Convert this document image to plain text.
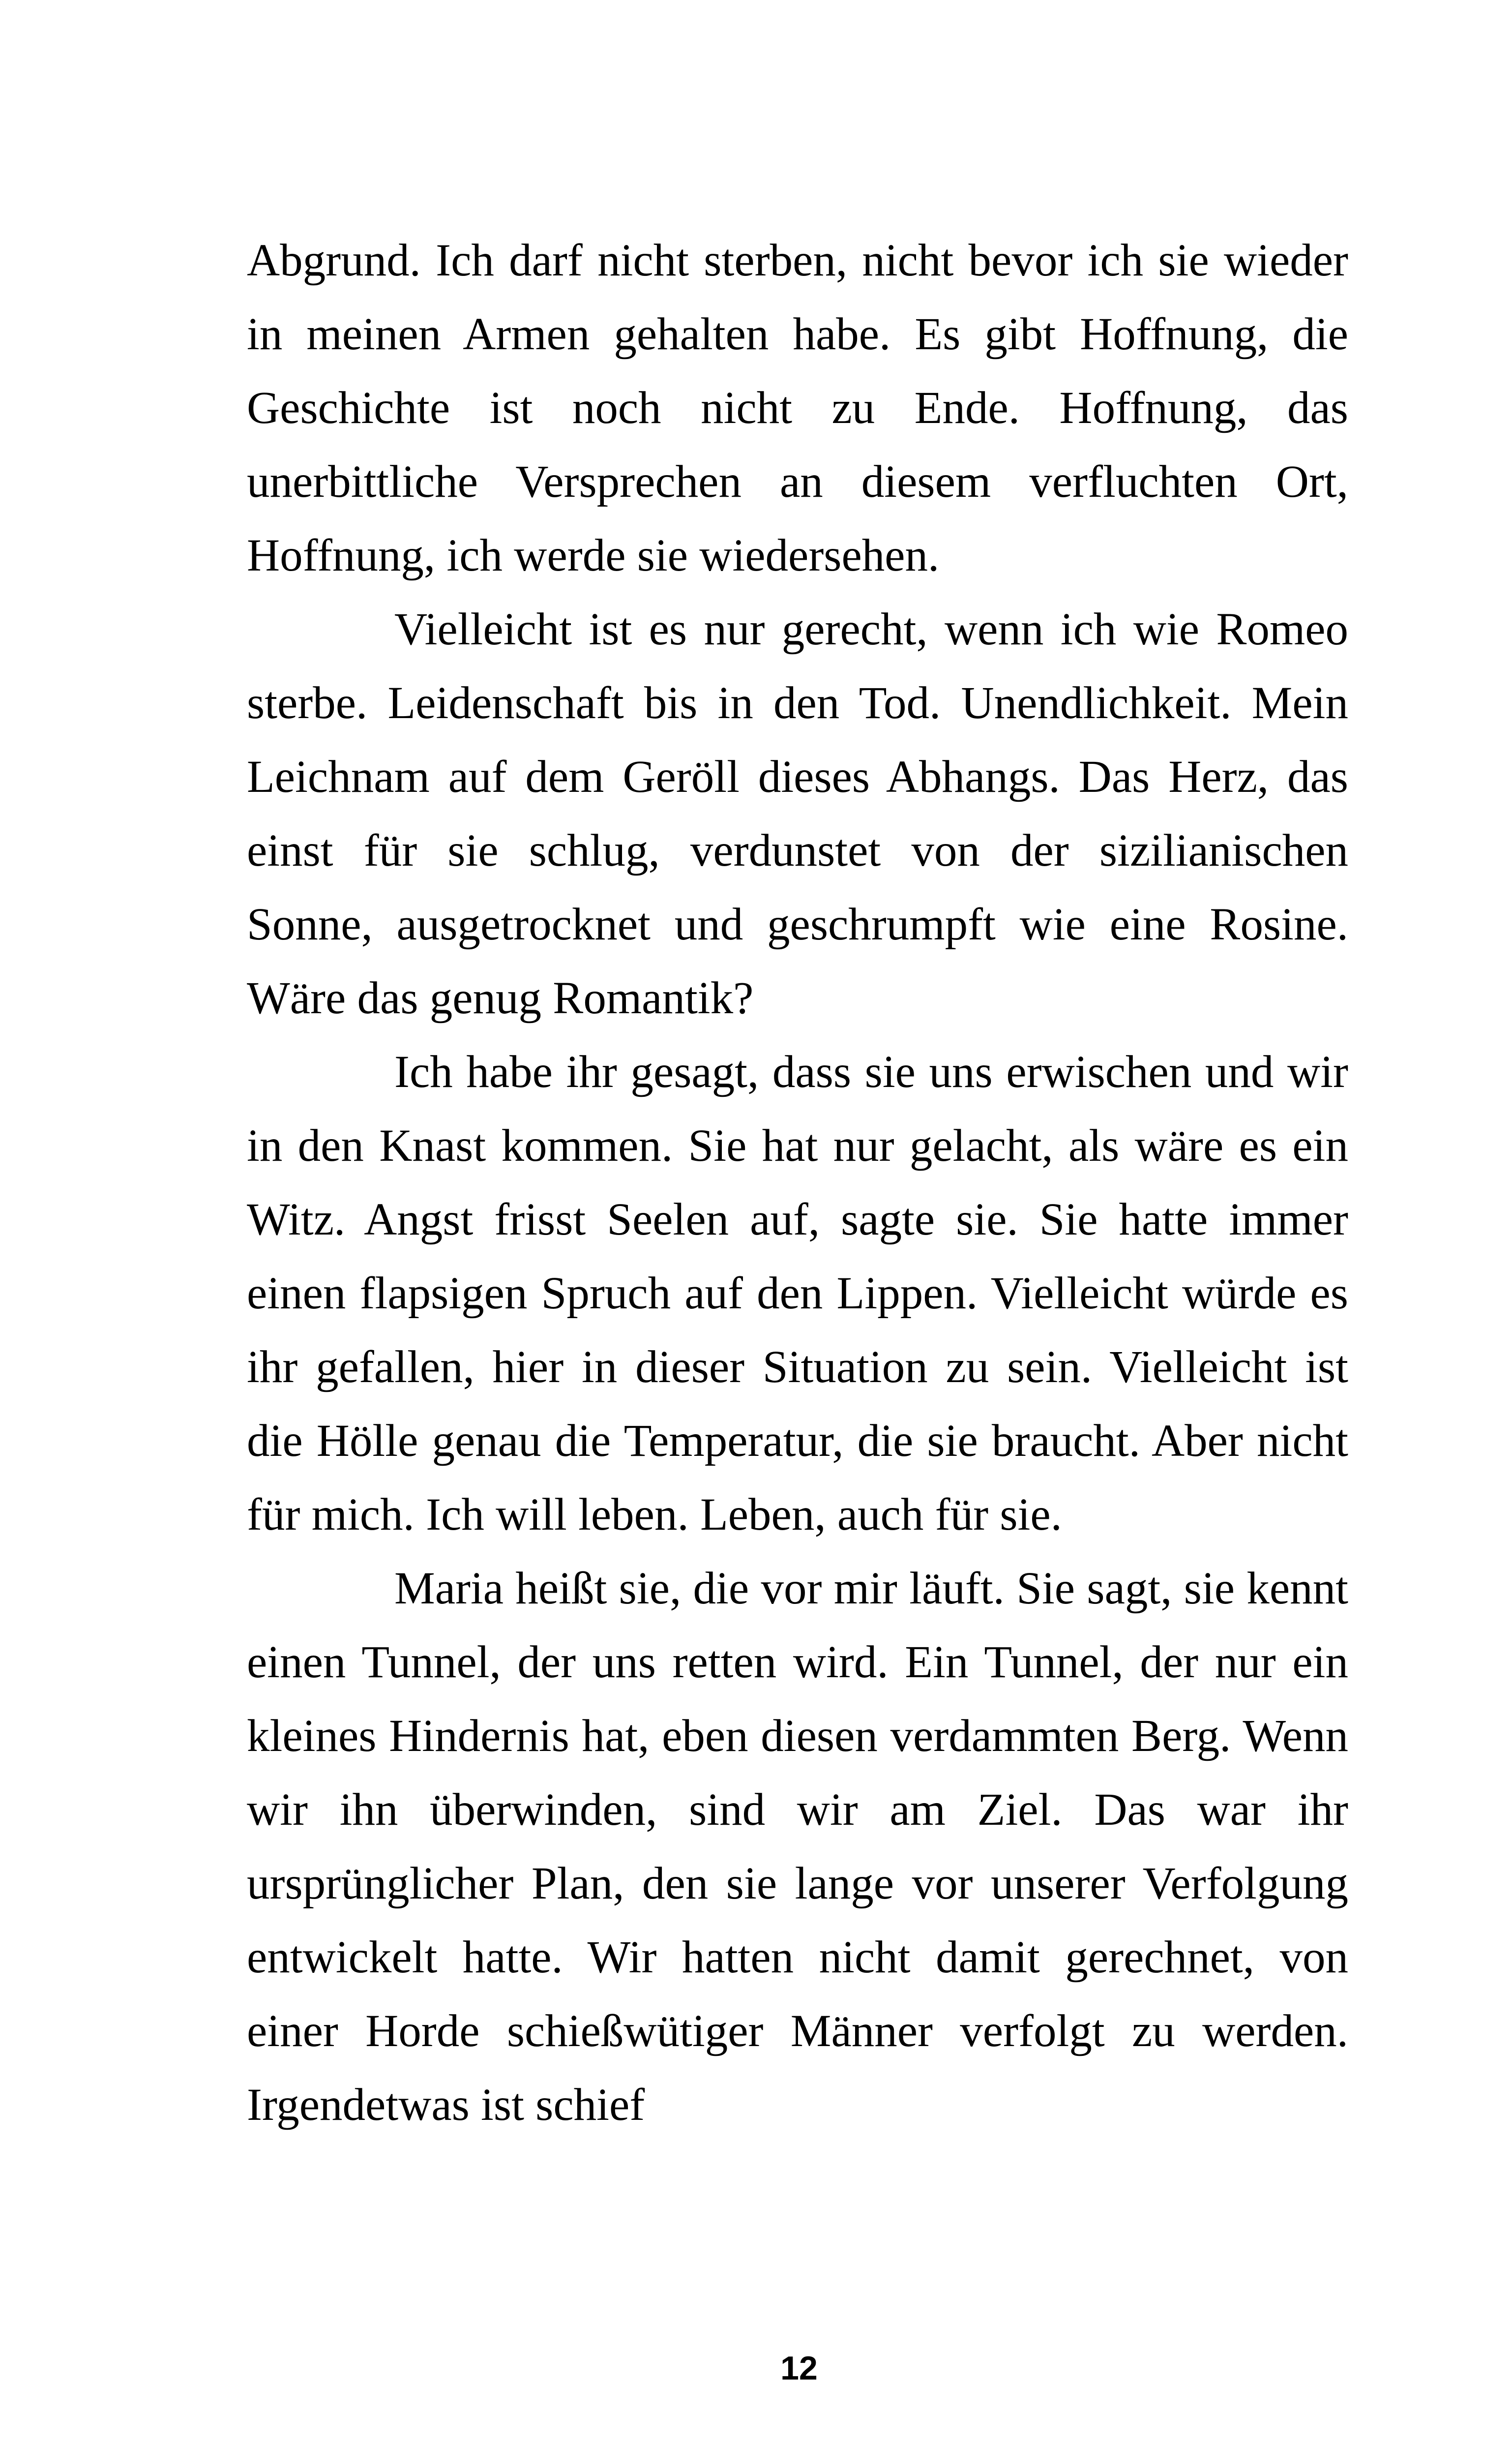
Abgrund. Ich darf nicht sterben, nicht bevor ich sie wieder in meinen Armen gehalten habe. Es gibt Hoffnung, die Geschichte ist noch nicht zu Ende. Hoffnung, das unerbittliche Versprechen an diesem verfluchten Ort, Hoffnung, ich werde sie wiedersehen.

Vielleicht ist es nur gerecht, wenn ich wie Romeo sterbe. Leidenschaft bis in den Tod. Unendlichkeit. Mein Leichnam auf dem Geröll dieses Abhangs. Das Herz, das einst für sie schlug, verdunstet von der sizilianischen Sonne, ausgetrocknet und geschrumpft wie eine Rosine. Wäre das genug Romantik?

Ich habe ihr gesagt, dass sie uns erwischen und wir in den Knast kommen. Sie hat nur gelacht, als wäre es ein Witz. Angst frisst Seelen auf, sagte sie. Sie hatte immer einen flapsigen Spruch auf den Lippen. Vielleicht würde es ihr gefallen, hier in dieser Situation zu sein. Vielleicht ist die Hölle genau die Temperatur, die sie braucht. Aber nicht für mich. Ich will leben. Leben, auch für sie.

Maria heißt sie, die vor mir läuft. Sie sagt, sie kennt einen Tunnel, der uns retten wird. Ein Tunnel, der nur ein kleines Hindernis hat, eben diesen verdammten Berg. Wenn wir ihn überwinden, sind wir am Ziel. Das war ihr ursprünglicher Plan, den sie lange vor unserer Verfolgung entwickelt hatte. Wir hatten nicht damit gerechnet, von einer Horde schießwütiger Männer verfolgt zu werden. Irgendetwas ist schief

12
